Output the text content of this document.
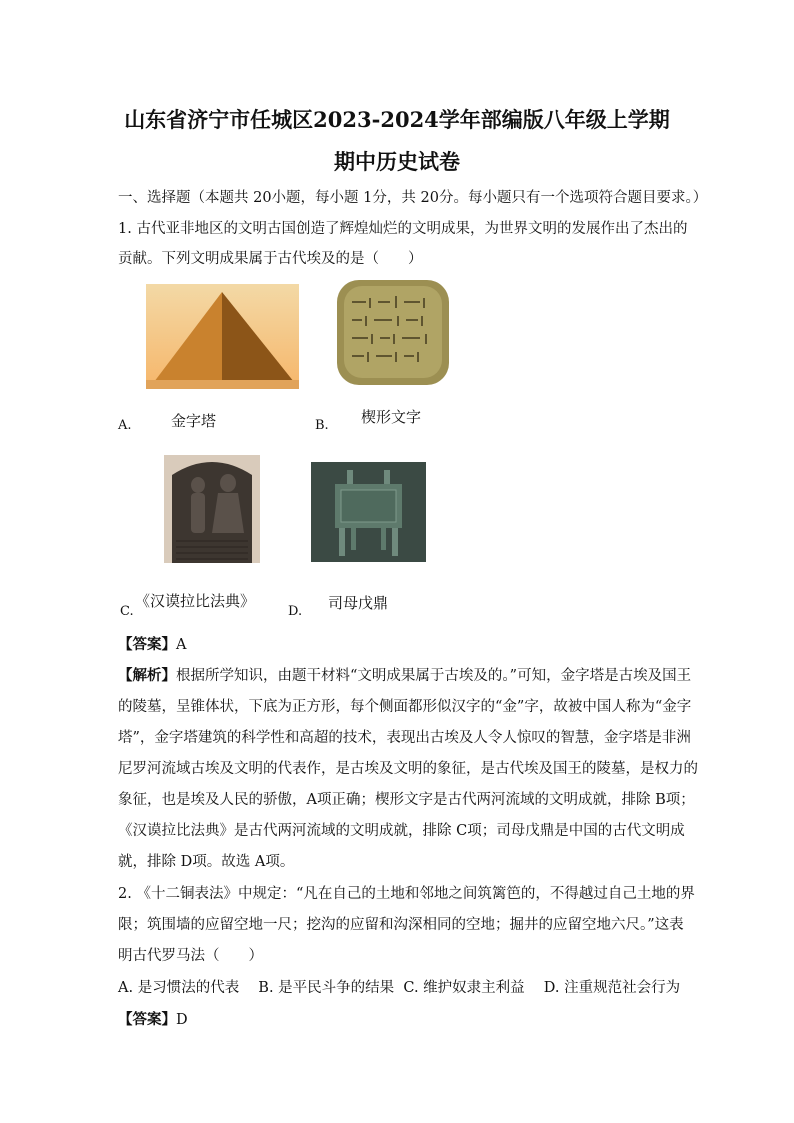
山东省济宁市任城区2023-2024学年部编版八年级上学期
期中历史试卷
一、选择题（本题共 20小题，每小题 1分，共 20分。每小题只有一个选项符合题目要求。）
1. 古代亚非地区的文明古国创造了辉煌灿烂的文明成果，为世界文明的发展作出了杰出的
贡献。下列文明成果属于古代埃及的是（　　）
A.	金字塔	B. 楔形文字
C.
《汉谟拉比法典》
D. 司母戊鼎
【答案】A
【解析】根据所学知识，由题干材料“文明成果属于古埃及的。”可知，金字塔是古埃及国王
的陵墓，呈锥体状，下底为正方形，每个侧面都形似汉字的“金”字，故被中国人称为“金字
塔”，金字塔建筑的科学性和高超的技术，表现出古埃及人令人惊叹的智慧，金字塔是非洲
尼罗河流域古埃及文明的代表作，是古埃及文明的象征，是古代埃及国王的陵墓，是权力的
象征，也是埃及人民的骄傲，A项正确；楔形文字是古代两河流域的文明成就，排除 B项；
《汉谟拉比法典》是古代两河流域的文明成就，排除 C项；司母戊鼎是中国的古代文明成
就，排除 D项。故选 A项。
2. 《十二铜表法》中规定：“凡在自己的土地和邻地之间筑篱笆的，不得越过自己土地的界
限；筑围墙的应留空地一尺；挖沟的应留和沟深相同的空地；掘井的应留空地六尺。”这表
明古代罗马法（　　）
A. 是习惯法的代表　 B. 是平民斗争的结果  C. 维护奴隶主利益　 D. 注重规范社会行为
【答案】D
